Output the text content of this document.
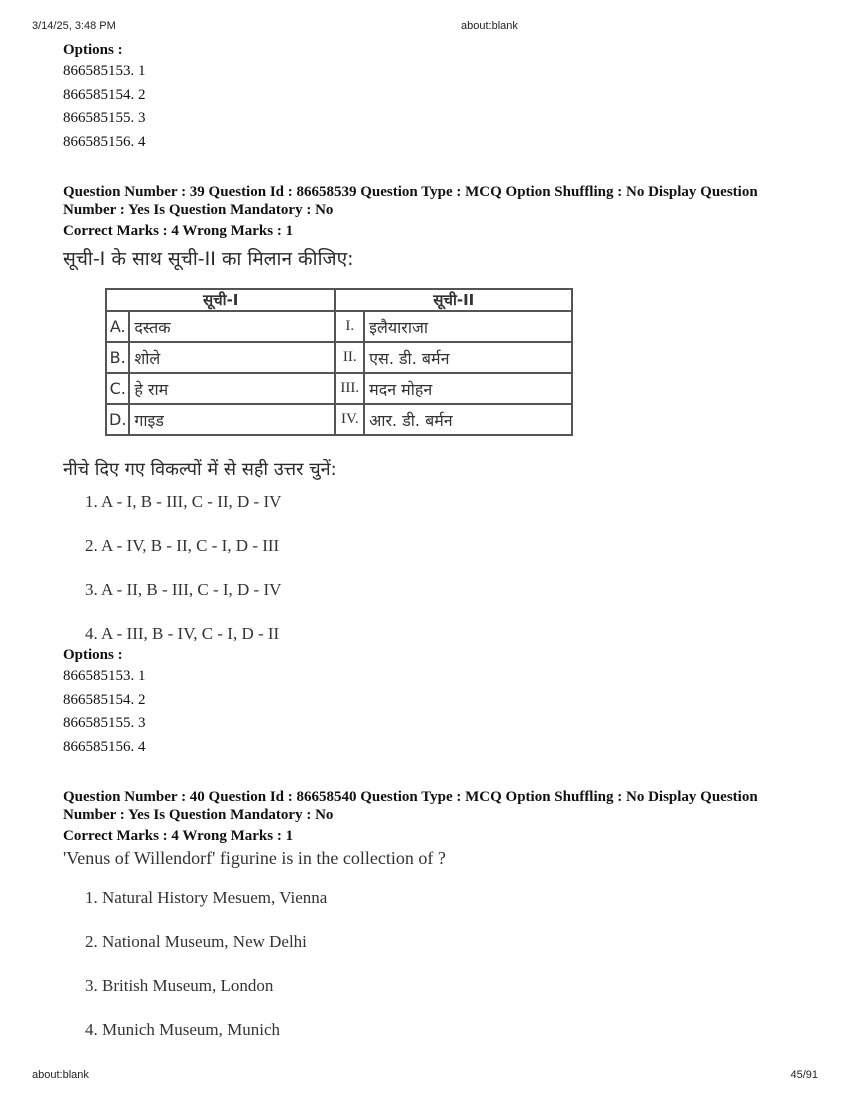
3/14/25, 3:48 PM	about:blank
Options :
866585153. 1
866585154. 2
866585155. 3
866585156. 4
Question Number : 39 Question Id : 86658539 Question Type : MCQ Option Shuffling : No Display Question Number : Yes Is Question Mandatory : No
Correct Marks : 4 Wrong Marks : 1
सूची-I के साथ सूची-II का मिलान कीजिए:
सूची-I		सूची-II	
A.	दस्तक	I.	इलैयाराजा
B.	शोले	II.	एस. डी. बर्मन
C.	हे राम	III.	मदन मोहन
D.	गाइड	IV.	आर. डी. बर्मन
नीचे दिए गए विकल्पों में से सही उत्तर चुनें:
1. A - I, B - III, C - II, D - IV
2. A - IV, B - II, C - I, D - III
3. A - II, B - III, C - I, D - IV
4. A - III, B - IV, C - I, D - II
Options :
866585153. 1
866585154. 2
866585155. 3
866585156. 4
Question Number : 40 Question Id : 86658540 Question Type : MCQ Option Shuffling : No Display Question Number : Yes Is Question Mandatory : No
Correct Marks : 4 Wrong Marks : 1
'Venus of Willendorf' figurine is in the collection of ?
1. Natural History Mesuem, Vienna
2. National Museum, New Delhi
3. British Museum, London
4. Munich Museum, Munich
about:blank	45/91
